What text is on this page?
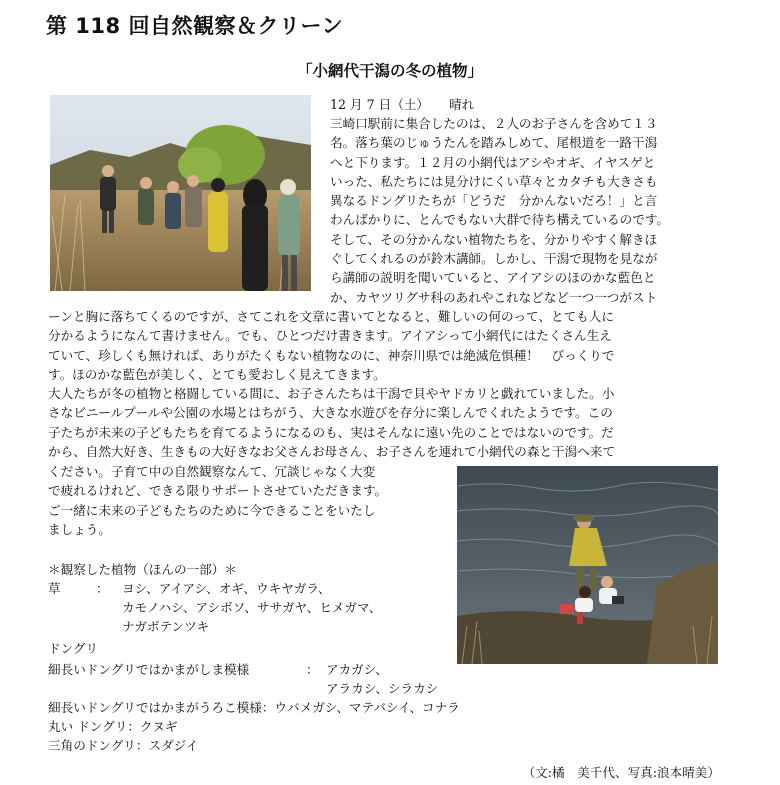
第 118 回自然観察＆クリーン
「小網代干潟の冬の植物」
12 月 7 日（土） 晴れ
三崎口駅前に集合したのは、２人のお子さんを含めて１３
名。落ち葉のじゅうたんを踏みしめて、尾根道を一路干潟
へと下ります。１２月の小網代はアシやオギ、イヤスゲと
いった、私たちには見分けにくい草々とカタチも大きさも
異なるドングリたちが「どうだ　分かんないだろ！」と言
わんばかりに、とんでもない大群で待ち構えているのです。
そして、その分かんない植物たちを、分かりやすく解きほ
ぐしてくれるのが鈴木講師。しかし、干潟で現物を見なが
ら講師の説明を聞いていると、アイアシのほのかな藍色と
か、カヤツリグサ科のあれやこれなどなど一つ一つがスト
ーンと胸に落ちてくるのですが、さてこれを文章に書いてとなると、難しいの何のって、とても人に
分かるようになんて書けません。でも、ひとつだけ書きます。アイアシって小網代にはたくさん生え
ていて、珍しくも無ければ、ありがたくもない植物なのに、神奈川県では絶滅危惧種！　びっくりで
す。ほのかな藍色が美しく、とても愛おしく見えてきます。
大人たちが冬の植物と格闘している間に、お子さんたちは干潟で貝やヤドカリと戯れていました。小
さなビニールプールや公園の水場とはちがう、大きな水遊びを存分に楽しんでくれたようです。この
子たちが未来の子どもたちを育てるようになるのも、実はそんなに遠い先のことではないのです。だ
から、自然大好き、生きもの大好きなお父さんお母さん、お子さんを連れて小網代の森と干潟へ来て
ください。子育て中の自然観察なんて、冗談じゃなく大変
で疲れるけれど、できる限りサポートさせていただきます。
ご一緒に未来の子どもたちのために今できることをいたし
ましょう。
＊観察した植物（ほんの一部）＊
草	： ヨシ、アイアシ、オギ、ウキヤガラ、
カモノハシ、アシボソ、ササガヤ、ヒメガマ、
ナガボテンツキ
ドングリ
細長いドングリではかまがしま模様	： アカガシ、
アラカシ、シラカシ
細長いドングリではかまがうろこ模様：ウバメガシ、マテバシイ、コナラ
丸い ドングリ：クヌギ
三角のドングリ：スダジイ
（文:橘　美千代、写真:浪本晴美）
